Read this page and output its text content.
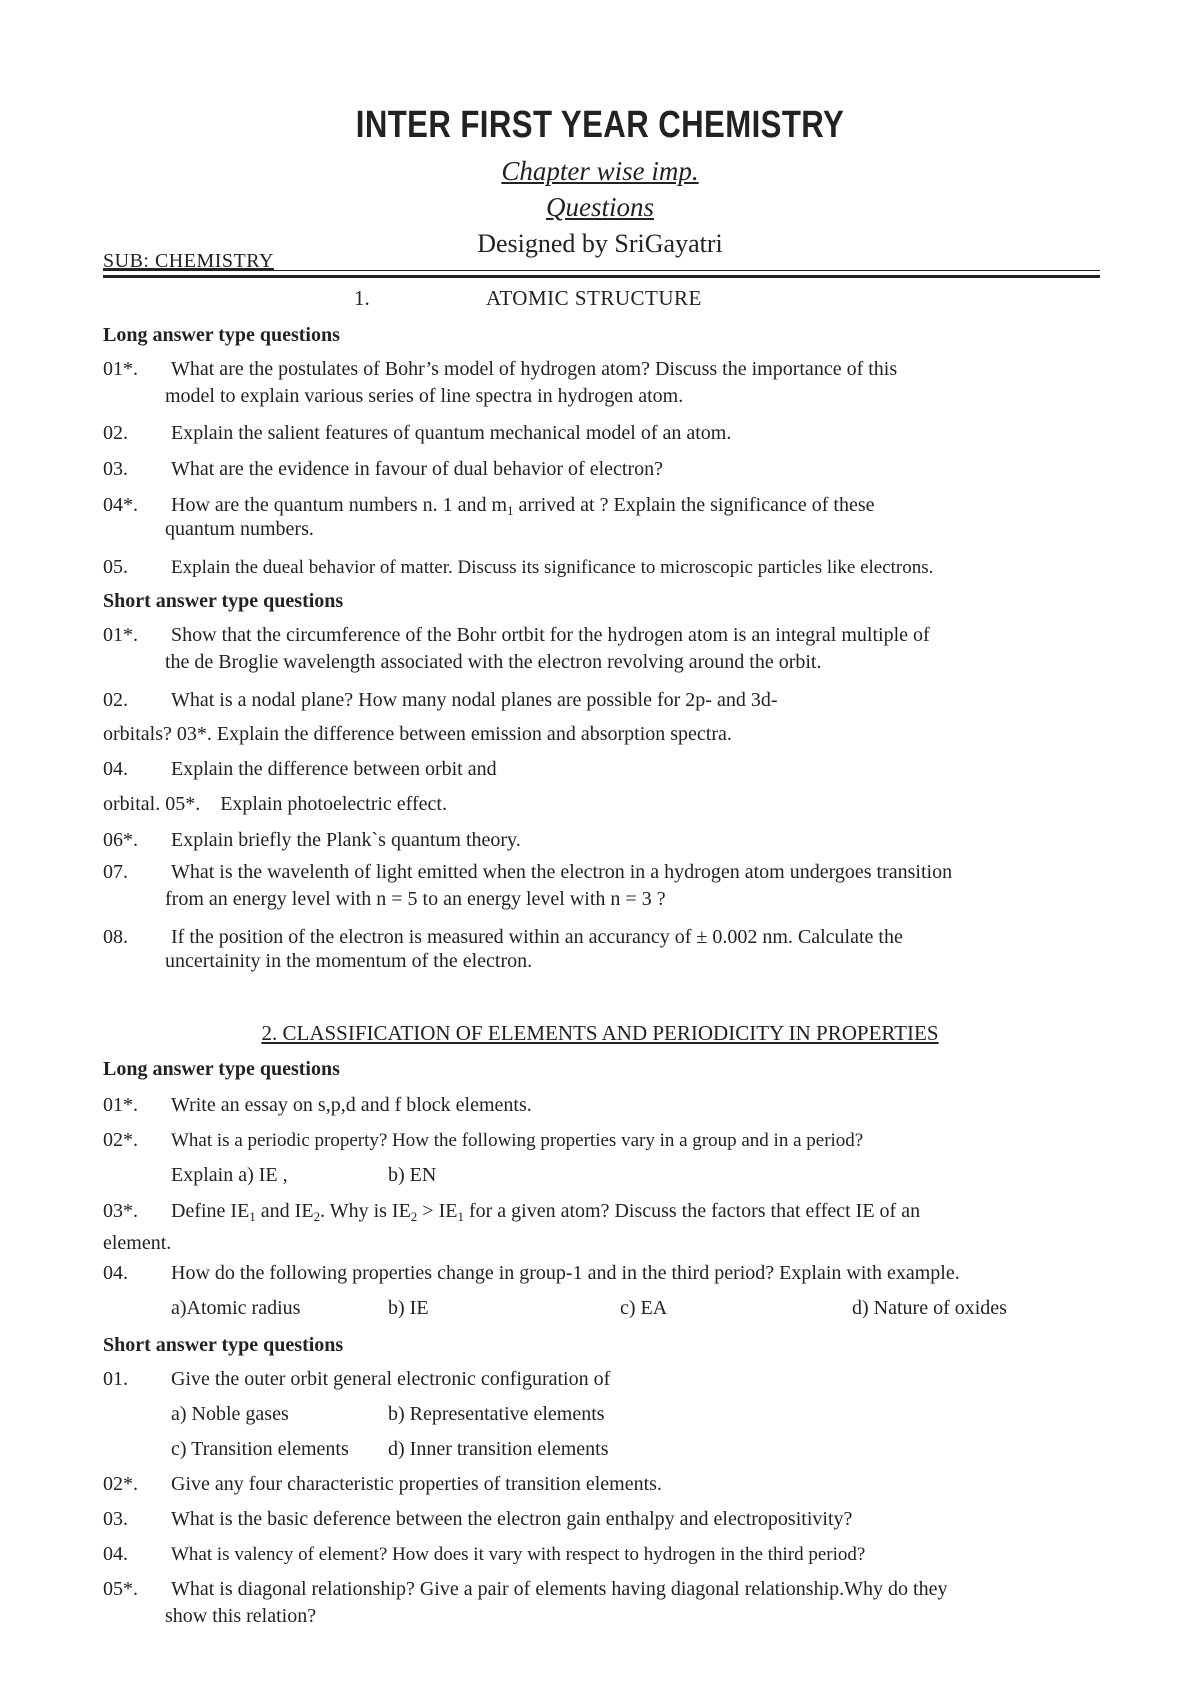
INTER FIRST YEAR CHEMISTRY
Chapter wise imp.
Questions
Designed by SriGayatri
SUB: CHEMISTRY
1.	ATOMIC STRUCTURE
Long answer type questions
01*. What are the postulates of Bohr’s model of hydrogen atom? Discuss the importance of this
model to explain various series of line spectra in hydrogen atom.
02. Explain the salient features of quantum mechanical model of an atom.
03. What are the evidence in favour of dual behavior of electron?
04*. How are the quantum numbers n. 1 and $m_1$ arrived at ? Explain the significance of these
quantum numbers.
05. Explain the dueal behavior of matter. Discuss its significance to microscopic particles like electrons.
Short answer type questions
01*. Show that the circumference of the Bohr ortbit for the hydrogen atom is an integral multiple of
the de Broglie wavelength associated with the electron revolving around the orbit.
02. What is a nodal plane? How many nodal planes are possible for 2p- and 3d-
orbitals? 03*. Explain the difference between emission and absorption spectra.
04. Explain the difference between orbit and
orbital. 05*.    Explain photoelectric effect.
06*. Explain briefly the Plank`s quantum theory.
07. What is the wavelenth of light emitted when the electron in a hydrogen atom undergoes transition
from an energy level with n = 5 to an energy level with n = 3 ?
08. If the position of the electron is measured within an accurancy of ± 0.002 nm. Calculate the
uncertainity in the momentum of the electron.
2. CLASSIFICATION OF ELEMENTS AND PERIODICITY IN PROPERTIES
Long answer type questions
01*. Write an essay on s,p,d and f block elements.
02*. What is a periodic property? How the following properties vary in a group and in a period?
Explain a) IE ,	b) EN
03*. Define $IE_1$ and $IE_2$. Why is $IE_2 > IE_1$ for a given atom? Discuss the factors that effect IE of an
element.
04. How do the following properties change in group-1 and in the third period? Explain with example.
a)Atomic radius	b) IE	c) EA	d) Nature of oxides
Short answer type questions
01. Give the outer orbit general electronic configuration of
a) Noble gases	b) Representative elements
c) Transition elements d) Inner transition elements
02*. Give any four characteristic properties of transition elements.
03. What is the basic deference between the electron gain enthalpy and electropositivity?
04. What is valency of element? How does it vary with respect to hydrogen in the third period?
05*. What is diagonal relationship? Give a pair of elements having diagonal relationship.Why do they
show this relation?
